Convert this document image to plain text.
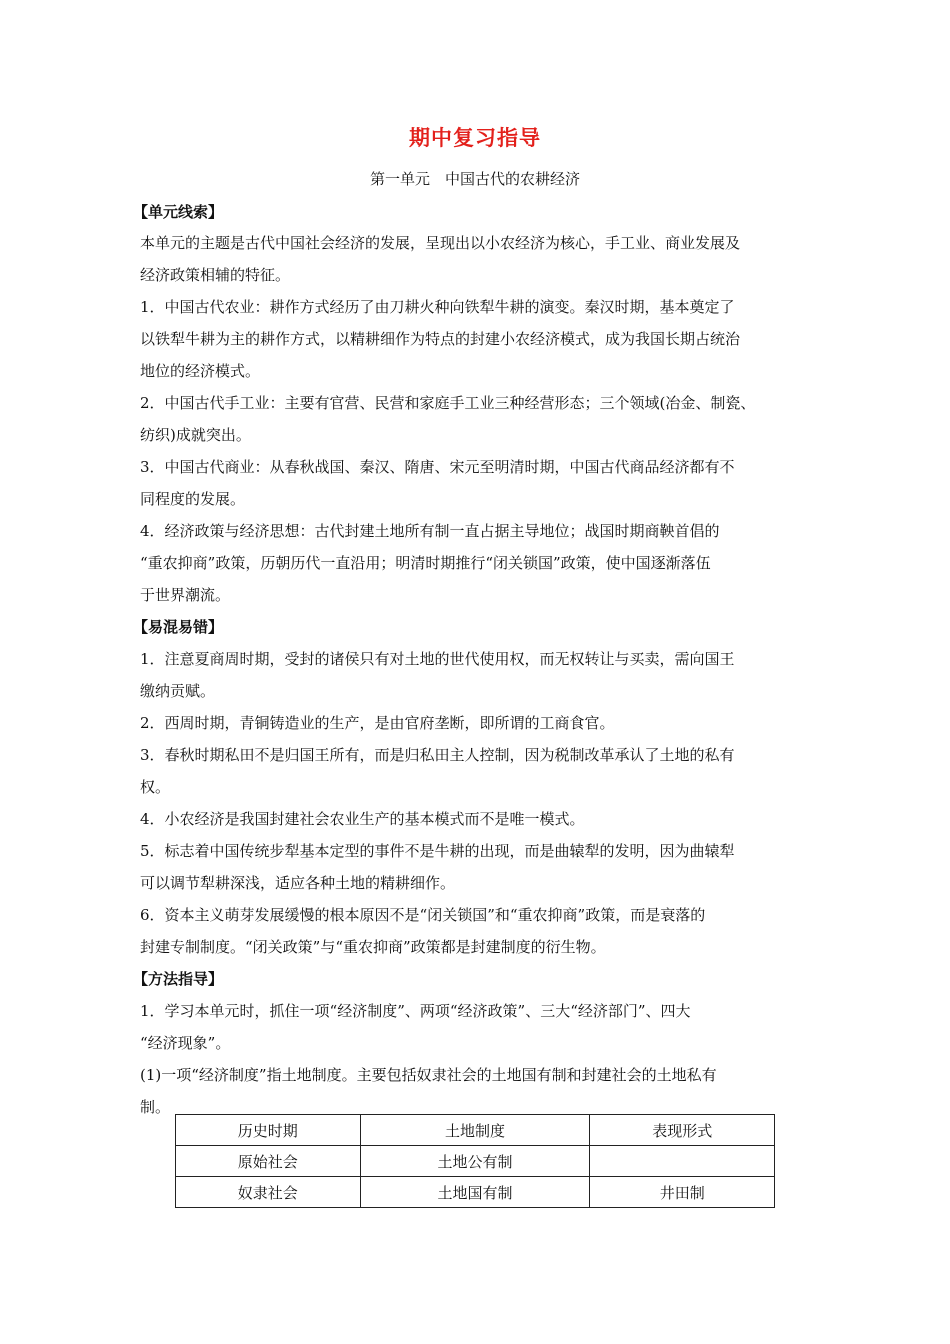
期中复习指导
第一单元　中国古代的农耕经济
【单元线索】
本单元的主题是古代中国社会经济的发展，呈现出以小农经济为核心，手工业、商业发展及
经济政策相辅的特征。
1．中国古代农业：耕作方式经历了由刀耕火种向铁犁牛耕的演变。秦汉时期，基本奠定了
以铁犁牛耕为主的耕作方式，以精耕细作为特点的封建小农经济模式，成为我国长期占统治
地位的经济模式。
2．中国古代手工业：主要有官营、民营和家庭手工业三种经营形态；三个领域(冶金、制瓷、
纺织)成就突出。
3．中国古代商业：从春秋战国、秦汉、隋唐、宋元至明清时期，中国古代商品经济都有不
同程度的发展。
4．经济政策与经济思想：古代封建土地所有制一直占据主导地位；战国时期商鞅首倡的
“重农抑商”政策，历朝历代一直沿用；明清时期推行“闭关锁国”政策，使中国逐渐落伍
于世界潮流。
【易混易错】
1．注意夏商周时期，受封的诸侯只有对土地的世代使用权，而无权转让与买卖，需向国王
缴纳贡赋。
2．西周时期，青铜铸造业的生产，是由官府垄断，即所谓的工商食官。
3．春秋时期私田不是归国王所有，而是归私田主人控制，因为税制改革承认了土地的私有
权。
4．小农经济是我国封建社会农业生产的基本模式而不是唯一模式。
5．标志着中国传统步犁基本定型的事件不是牛耕的出现，而是曲辕犁的发明，因为曲辕犁
可以调节犁耕深浅，适应各种土地的精耕细作。
6．资本主义萌芽发展缓慢的根本原因不是“闭关锁国”和“重农抑商”政策，而是衰落的
封建专制制度。“闭关政策”与“重农抑商”政策都是封建制度的衍生物。
【方法指导】
1．学习本单元时，抓住一项“经济制度”、两项“经济政策”、三大“经济部门”、四大
“经济现象”。
(1)一项“经济制度”指土地制度。主要包括奴隶社会的土地国有制和封建社会的土地私有
制。
历史时期	土地制度	表现形式
原始社会	土地公有制	
奴隶社会	土地国有制	井田制
